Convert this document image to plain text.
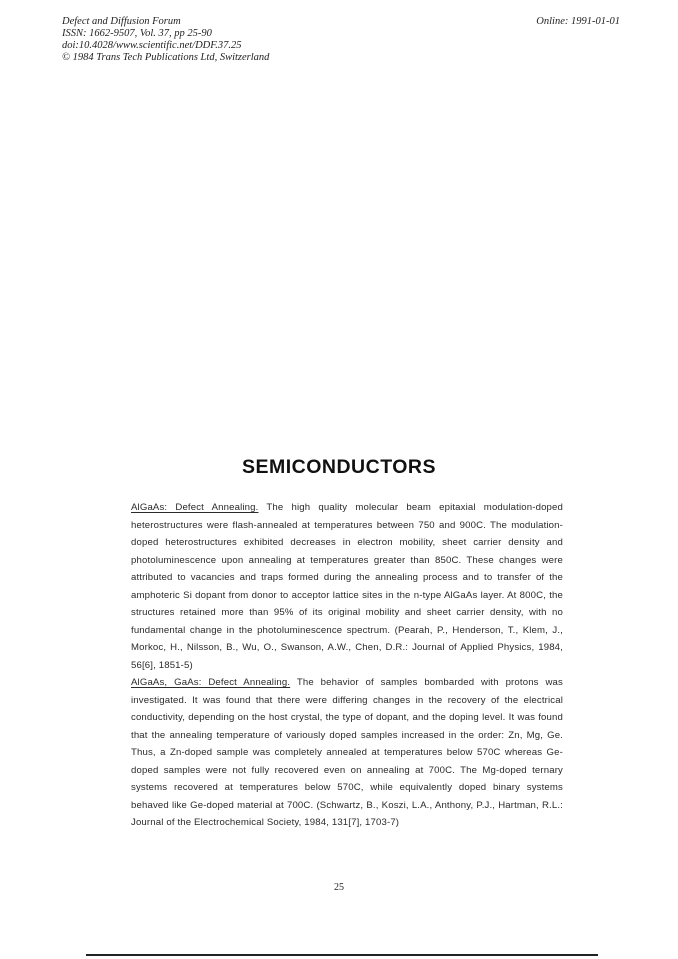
Defect and Diffusion Forum
ISSN: 1662-9507, Vol. 37, pp 25-90
doi:10.4028/www.scientific.net/DDF.37.25
© 1984 Trans Tech Publications Ltd, Switzerland
Online: 1991-01-01
SEMICONDUCTORS

AlGaAs: Defect Annealing. The high quality molecular beam epitaxial modulation-doped heterostructures were flash-annealed at temperatures between 750 and 900C. The modulation-doped heterostructures exhibited decreases in electron mobility, sheet carrier density and photoluminescence upon annealing at temperatures greater than 850C. These changes were attributed to vacancies and traps formed during the annealing process and to transfer of the amphoteric Si dopant from donor to acceptor lattice sites in the n-type AlGaAs layer. At 800C, the structures retained more than 95% of its original mobility and sheet carrier density, with no fundamental change in the photoluminescence spectrum. (Pearah, P., Henderson, T., Klem, J., Morkoc, H., Nilsson, B., Wu, O., Swanson, A.W., Chen, D.R.: Journal of Applied Physics, 1984, 56[6], 1851-5)

AlGaAs, GaAs: Defect Annealing. The behavior of samples bombarded with protons was investigated. It was found that there were differing changes in the recovery of the electrical conductivity, depending on the host crystal, the type of dopant, and the doping level. It was found that the annealing temperature of variously doped samples increased in the order: Zn, Mg, Ge. Thus, a Zn-doped sample was completely annealed at temperatures below 570C whereas Ge-doped samples were not fully recovered even on annealing at 700C. The Mg-doped ternary systems recovered at temperatures below 570C, while equivalently doped binary systems behaved like Ge-doped material at 700C. (Schwartz, B., Koszi, L.A., Anthony, P.J., Hartman, R.L.: Journal of the Electrochemical Society, 1984, 131[7], 1703-7)

25
